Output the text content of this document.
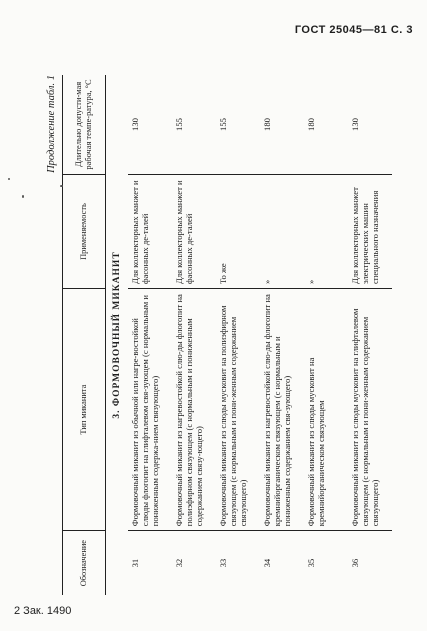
ГОСТ 25045—81 С. 3
Продолжение табл. 1
Обозначение	Тип миканита	Применяемость	Длительно допусти-мая рабочая темпе-ратура, °С
3. ФОРМОВОЧНЫЙ МИКАНИТ			
31	Формовочный миканит из обычной или нагре-востойкой слюды флогопит на глифталевом свя-зующем (с нормальным и пониженным содержа-нием связующего)	Для коллекторных манжет и фасонных де-талей	130
32	Формовочный миканит из нагревостойкой слю-ды флогопит на полиэфирном связующем (с нормальным и пониженным содержанием связу-ющего)	Для коллекторных манжет и фасонных де-талей	155
33	Формовочный миканит из слюды мусковит на полиэфирном связующем (с нормальным и пони-женным содержанием связующего)	То же	155
34	Формовочный миканит из нагревостойкой слю-ды флогопит на кремнийорганическом связующем (с нормальным и пониженным содержанием свя-зующего)	»	180
35	Формовочный миканит из слюды мусковит на кремнийорганическом связующем	»	180
36	Формовочный миканит из слюды мусковит на глифталевом связующем (с нормальным и пони-женным содержанием связующего)	Для коллекторных манжет электрических машин специального назначения	130
2 Зак. 1490
